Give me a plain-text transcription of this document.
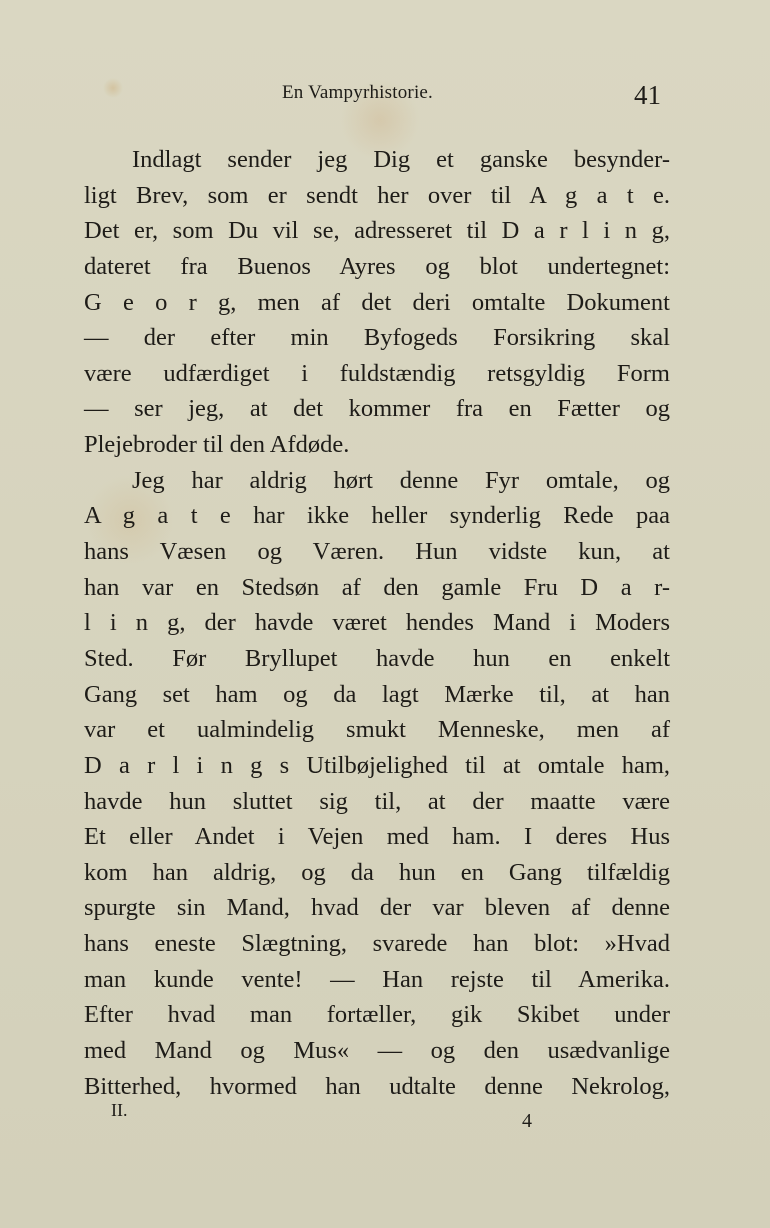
En Vampyrhistorie.	41
Indlagt sender jeg Dig et ganske besynder-
ligt Brev, som er sendt her over til A g a t e.
Det er, som Du vil se, adresseret til D a r l i n g,
dateret fra Buenos Ayres og blot undertegnet:
G e o r g, men af det deri omtalte Dokument
— der efter min Byfogeds Forsikring skal
være udfærdiget i fuldstændig retsgyldig Form
— ser jeg, at det kommer fra en Fætter og
Plejebroder til den Afdøde.
Jeg har aldrig hørt denne Fyr omtale, og
A g a t e har ikke heller synderlig Rede paa
hans Væsen og Væren. Hun vidste kun, at
han var en Stedsøn af den gamle Fru D a r-
l i n g, der havde været hendes Mand i Moders
Sted. Før Bryllupet havde hun en enkelt
Gang set ham og da lagt Mærke til, at han
var et ualmindelig smukt Menneske, men af
D a r l i n g s Utilbøjelighed til at omtale ham,
havde hun sluttet sig til, at der maatte være
Et eller Andet i Vejen med ham. I deres Hus
kom han aldrig, og da hun en Gang tilfældig
spurgte sin Mand, hvad der var bleven af denne
hans eneste Slægtning, svarede han blot: »Hvad
man kunde vente! — Han rejste til Amerika.
Efter hvad man fortæller, gik Skibet under
med Mand og Mus« — og den usædvanlige
Bitterhed, hvormed han udtalte denne Nekrolog,
II.	4
